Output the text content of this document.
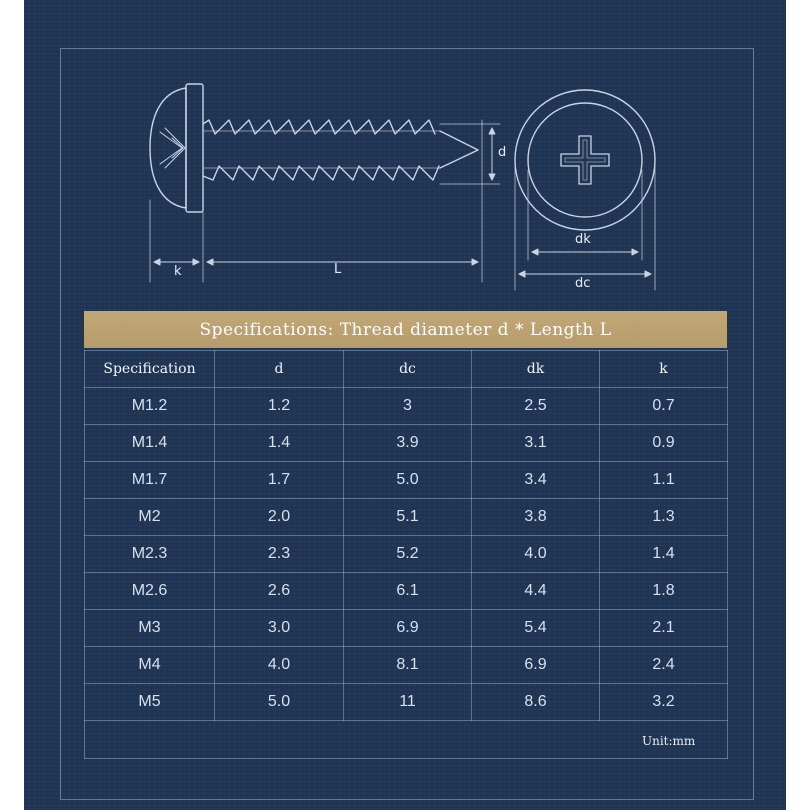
k	L
d
dk
dc
Specifications: Thread diameter d * Length L
Specification	d	dc	dk	k
M1.2	1.2	3	2.5	0.7
M1.4	1.4	3.9	3.1	0.9
M1.7	1.7	5.0	3.4	1.1
M2	2.0	5.1	3.8	1.3
M2.3	2.3	5.2	4.0	1.4
M2.6	2.6	6.1	4.4	1.8
M3	3.0	6.9	5.4	2.1
M4	4.0	8.1	6.9	2.4
M5	5.0	11	8.6	3.2

Unit:mm
